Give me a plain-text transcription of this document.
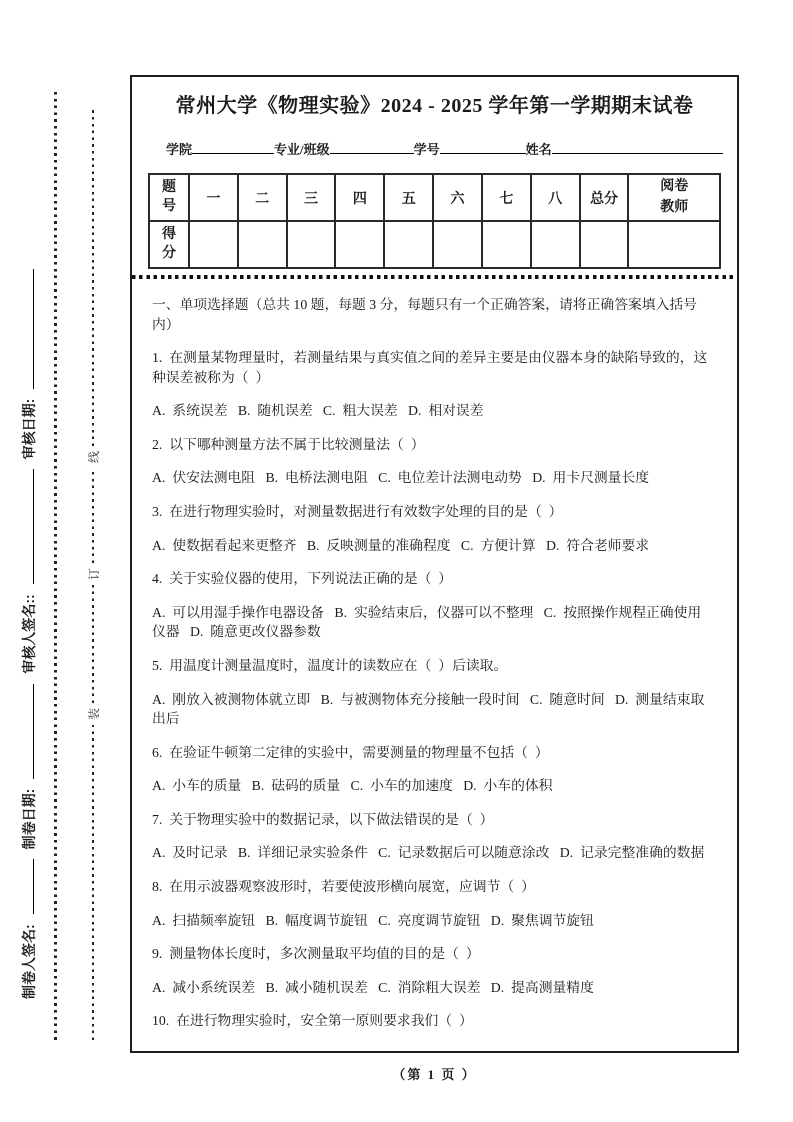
制卷人签名:
制卷日期:
审核人签名::
审核日期:
装
订
线
常州大学《物理实验》2024 - 2025 学年第一学期期末试卷
学院	专业/班级	学号	姓名
题号	一	二	三	四	五	六	七	八	总分	阅卷教师

得分										

一、单项选择题（总共 10 题，每题 3 分，每题只有一个正确答案，请将正确答案填入括号内）

1.  在测量某物理量时，若测量结果与真实值之间的差异主要是由仪器本身的缺陷导致的，这种误差被称为（  ）

A.  系统误差   B.  随机误差   C.  粗大误差   D.  相对误差

2.  以下哪种测量方法不属于比较测量法（  ）

A.  伏安法测电阻   B.  电桥法测电阻   C.  电位差计法测电动势   D.  用卡尺测量长度

3.  在进行物理实验时，对测量数据进行有效数字处理的目的是（  ）

A.  使数据看起来更整齐   B.  反映测量的准确程度   C.  方便计算   D.  符合老师要求

4.  关于实验仪器的使用，下列说法正确的是（  ）

A.  可以用湿手操作电器设备   B.  实验结束后，仪器可以不整理   C.  按照操作规程正确使用仪器   D.  随意更改仪器参数

5.  用温度计测量温度时，温度计的读数应在（  ）后读取。

A.  刚放入被测物体就立即   B.  与被测物体充分接触一段时间   C.  随意时间   D.  测量结束取出后

6.  在验证牛顿第二定律的实验中，需要测量的物理量不包括（  ）

A.  小车的质量   B.  砝码的质量   C.  小车的加速度   D.  小车的体积

7.  关于物理实验中的数据记录，以下做法错误的是（  ）

A.  及时记录   B.  详细记录实验条件   C.  记录数据后可以随意涂改   D.  记录完整准确的数据

8.  在用示波器观察波形时，若要使波形横向展宽，应调节（  ）

A.  扫描频率旋钮   B.  幅度调节旋钮   C.  亮度调节旋钮   D.  聚焦调节旋钮

9.  测量物体长度时，多次测量取平均值的目的是（  ）

A.  减小系统误差   B.  减小随机误差   C.  消除粗大误差   D.  提高测量精度

10.  在进行物理实验时，安全第一原则要求我们（  ）

（第 1 页 ）
